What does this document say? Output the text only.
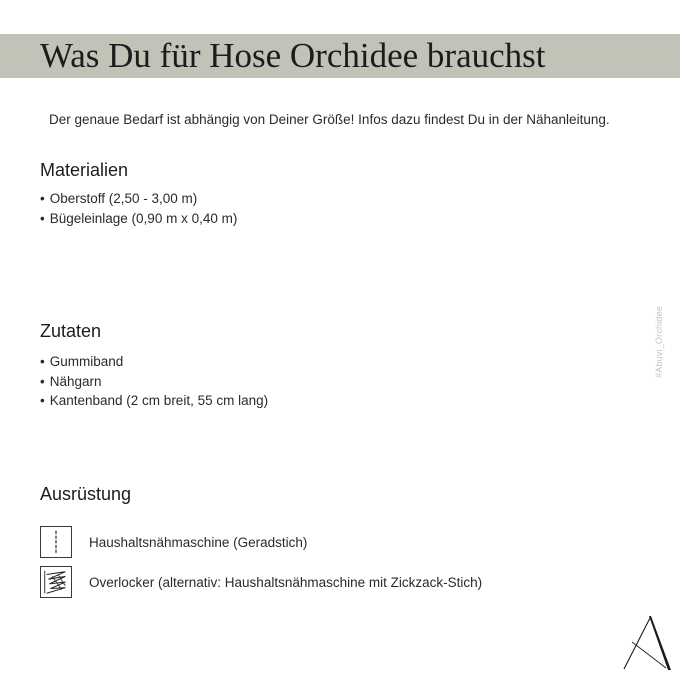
Was Du für Hose Orchidee brauchst
Der genaue Bedarf ist abhängig von Deiner Größe! Infos dazu findest Du in der Nähanleitung.
Materialien
• Oberstoff (2,50 - 3,00 m)
• Bügeleinlage (0,90 m x 0,40 m)
Zutaten
• Gummiband
• Nähgarn
• Kantenband (2 cm breit, 55 cm lang)
Ausrüstung
Haushaltsnähmaschine (Geradstich)
Overlocker (alternativ: Haushaltsnähmaschine mit Zickzack-Stich)
#Abuvi_Orchidee
